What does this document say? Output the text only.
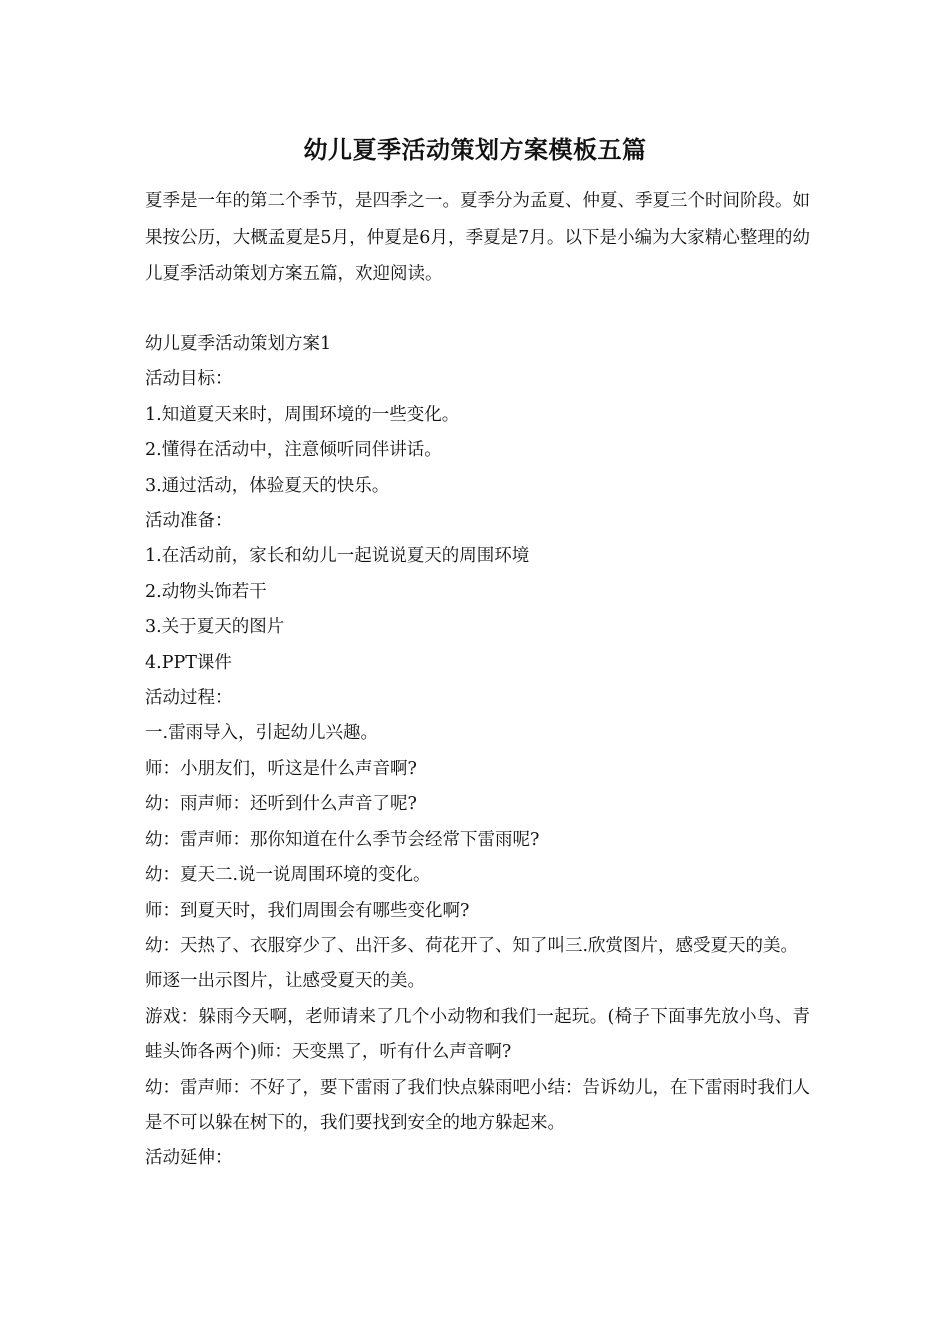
幼儿夏季活动策划方案模板五篇

夏季是一年的第二个季节，是四季之一。夏季分为孟夏、仲夏、季夏三个时间阶段。如果按公历，大概孟夏是5月，仲夏是6月，季夏是7月。以下是小编为大家精心整理的幼儿夏季活动策划方案五篇，欢迎阅读。

幼儿夏季活动策划方案1

活动目标：

1.知道夏天来时，周围环境的一些变化。

2.懂得在活动中，注意倾听同伴讲话。

3.通过活动，体验夏天的快乐。

活动准备：

1.在活动前，家长和幼儿一起说说夏天的周围环境

2.动物头饰若干

3.关于夏天的图片

4.PPT课件

活动过程：

一.雷雨导入，引起幼儿兴趣。

师：小朋友们，听这是什么声音啊?

幼：雨声师：还听到什么声音了呢?

幼：雷声师：那你知道在什么季节会经常下雷雨呢?

幼：夏天二.说一说周围环境的变化。

师：到夏天时，我们周围会有哪些变化啊?

幼：天热了、衣服穿少了、出汗多、荷花开了、知了叫三.欣赏图片，感受夏天的美。

师逐一出示图片，让感受夏天的美。

游戏：躲雨今天啊，老师请来了几个小动物和我们一起玩。(椅子下面事先放小鸟、青蛙头饰各两个)师：天变黑了，听有什么声音啊?

幼：雷声师：不好了，要下雷雨了我们快点躲雨吧小结：告诉幼儿，在下雷雨时我们人是不可以躲在树下的，我们要找到安全的地方躲起来。

活动延伸：
